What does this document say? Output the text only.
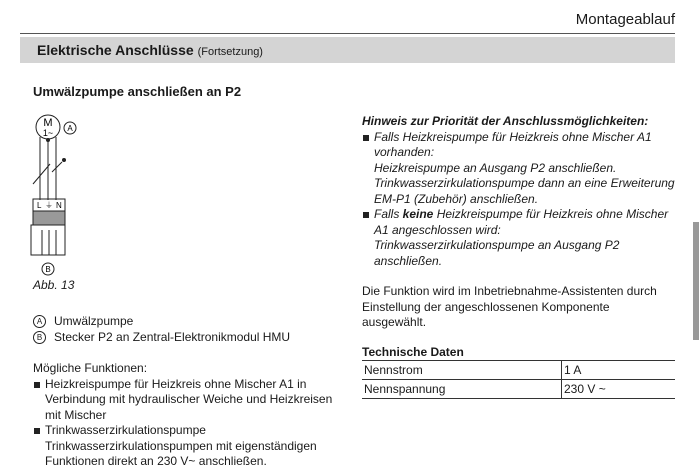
Montageablauf
Elektrische Anschlüsse (Fortsetzung)
Umwälzpumpe anschließen an P2
M
1~ A
B
L ⏚ N
Abb. 13
A Umwälzpumpe
B Stecker P2 an Zentral-Elektronikmodul HMU
Mögliche Funktionen:
Heizkreispumpe für Heizkreis ohne Mischer A1 in Verbindung mit hydraulischer Weiche und Heizkreisen mit Mischer
Trinkwasserzirkulationspumpe Trinkwasserzirkulationspumpen mit eigenständigen Funktionen direkt an 230 V~ anschließen.
Hinweis zur Priorität der Anschlussmöglichkeiten:
Falls Heizkreispumpe für Heizkreis ohne Mischer A1 vorhanden:
Heizkreispumpe an Ausgang P2 anschließen.
Trinkwasserzirkulationspumpe dann an eine Erweiterung EM-P1 (Zubehör) anschließen.
Falls keine Heizkreispumpe für Heizkreis ohne Mischer A1 angeschlossen wird:
Trinkwasserzirkulationspumpe an Ausgang P2 anschließen.
Die Funktion wird im Inbetriebnahme-Assistenten durch Einstellung der angeschlossenen Komponente ausgewählt.
Technische Daten
Nennstrom	1 A
Nennspannung	230 V ~
